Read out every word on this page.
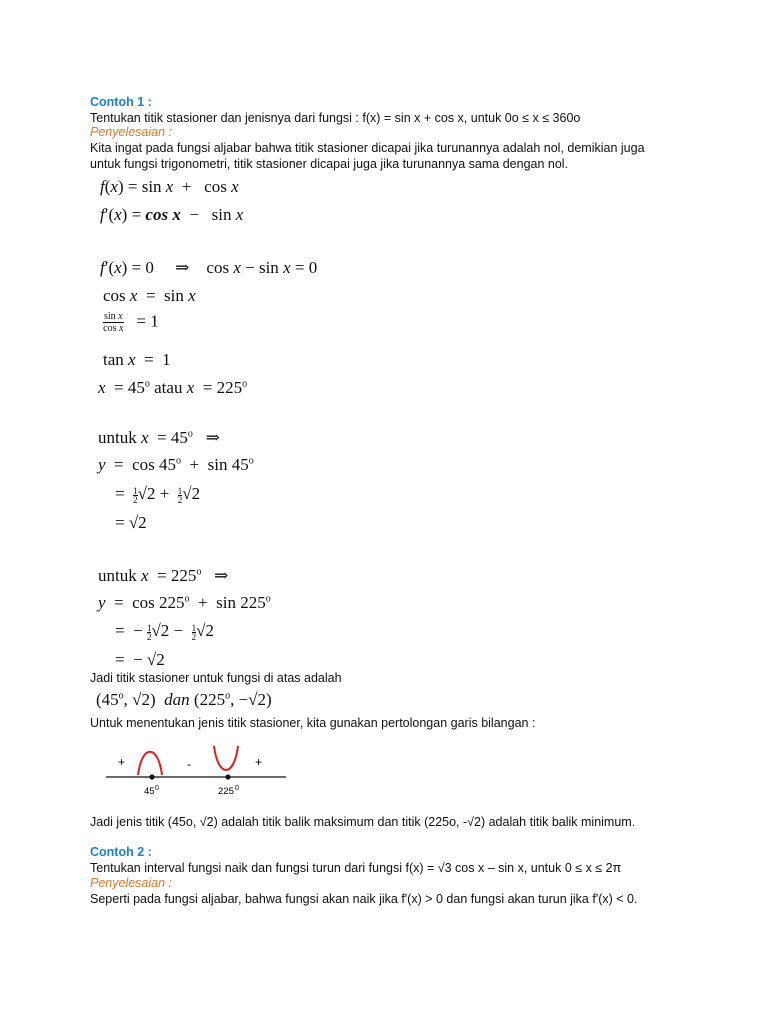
Contoh 1 :
Tentukan titik stasioner dan jenisnya dari fungsi : f(x) = sin x + cos x, untuk 0o ≤ x ≤ 360o
Penyelesaian :
Kita ingat pada fungsi aljabar bahwa titik stasioner dicapai jika turunannya adalah nol, demikian juga
untuk fungsi trigonometri, titik stasioner dicapai juga jika turunannya sama dengan nol.
f(x) = sin x  +   cos x
f′(x) = cos x  −   sin x
f′(x) = 0     ⇒    cos x − sin x = 0
cos x  =  sin x
$\frac{\text{sin x}}{\text{cos x}} = 1$
tan x  =  1
$x = 45^o$ atau $x = 225^o$
untuk $x = 45^o$   ⇒
$y = \cos 45^o + \sin 45^o$
= $\frac{1}{2}√2 + \frac{1}{2}√2$
= √2
untuk $x = 225^o$   ⇒
$y = \cos 225^o + \sin 225^o$
=  − $\frac{1}{2}√2 - \frac{1}{2}√2$
=  − √2
Jadi titik stasioner untuk fungsi di atas adalah
(45$^o$, √2)  dan ($225^o$, −√2)
Untuk menentukan jenis titik stasioner, kita gunakan pertolongan garis bilangan :
+	-	+
45 0	225 0
Jadi jenis titik (45o, √2) adalah titik balik maksimum dan titik (225o, -√2) adalah titik balik minimum.
Contoh 2 :
Tentukan interval fungsi naik dan fungsi turun dari fungsi f(x) = √3 cos x – sin x, untuk 0 ≤ x ≤ 2π
Penyelesaian :
Seperti pada fungsi aljabar, bahwa fungsi akan naik jika f'(x) > 0 dan fungsi akan turun jika f'(x) < 0.
